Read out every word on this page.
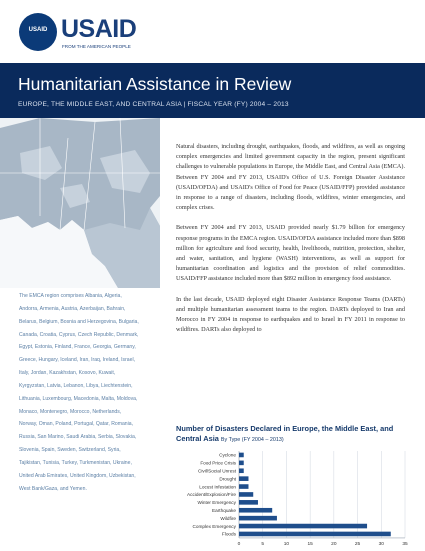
USAID USAID
FROM THE AMERICAN PEOPLE
Humanitarian Assistance in Review
EUROPE, THE MIDDLE EAST, AND CENTRAL ASIA | FISCAL YEAR (FY) 2004 – 2013

The EMCA region comprises Albania, Algeria,

Andorra, Armenia, Austria, Azerbaijan, Bahrain,

Belarus, Belgium, Bosnia and Herzegovina, Bulgaria,

Canada, Croatia, Cyprus, Czech Republic, Denmark,

Egypt, Estonia, Finland, France, Georgia, Germany,

Greece, Hungary, Iceland, Iran, Iraq, Ireland, Israel,

Italy, Jordan, Kazakhstan, Kosovo, Kuwait,

Kyrgyzstan, Latvia, Lebanon, Libya, Liechtenstein,

Lithuania, Luxembourg, Macedonia, Malta, Moldova,

Monaco, Montenegro, Morocco, Netherlands,

Norway, Oman, Poland, Portugal, Qatar, Romania,

Russia, San Marino, Saudi Arabia, Serbia, Slovakia,

Slovenia, Spain, Sweden, Switzerland, Syria,

Tajikistan, Tunisia, Turkey, Turkmenistan, Ukraine,

United Arab Emirates, United Kingdom, Uzbekistan,

West Bank/Gaza, and Yemen.

Natural disasters, including drought, earthquakes, floods, and wildfires, as well as ongoing complex emergencies and limited government capacity in the region, present significant challenges to vulnerable populations in Europe, the Middle East, and Central Asia (EMCA). Between FY 2004 and FY 2013, USAID's Office of U.S. Foreign Disaster Assistance (USAID/OFDA) and USAID's Office of Food for Peace (USAID/FFP) provided assistance in response to a range of disasters, including floods, wildfires, winter emergencies, and complex crises.

Between FY 2004 and FY 2013, USAID provided nearly $1.79 billion for emergency response programs in the EMCA region. USAID/OFDA assistance included more than $898 million for agriculture and food security, health, livelihoods, nutrition, protection, shelter, and water, sanitation, and hygiene (WASH) interventions, as well as support for humanitarian coordination and logistics and the provision of relief commodities. USAID/FFP assistance included more than $892 million in emergency food assistance.

In the last decade, USAID deployed eight Disaster Assistance Response Teams (DARTs) and multiple humanitarian assessment teams to the region. DARTs deployed to Iran and Morocco in FY 2004 in response to earthquakes and to Israel in FY 2011 in response to wildfires. DARTs also deployed to

Number of Disasters Declared in Europe, the Middle East, and Central Asia By Type (FY 2004 – 2013)
0	5	10	15	20	25	30	35
Cyclone
Food Price Crisis
Civil/Social Unrest
Drought
Locust Infestation
Accident/Explosion/Fire
Winter Emergency
Earthquake
Wildfire
Complex Emergency
Floods
